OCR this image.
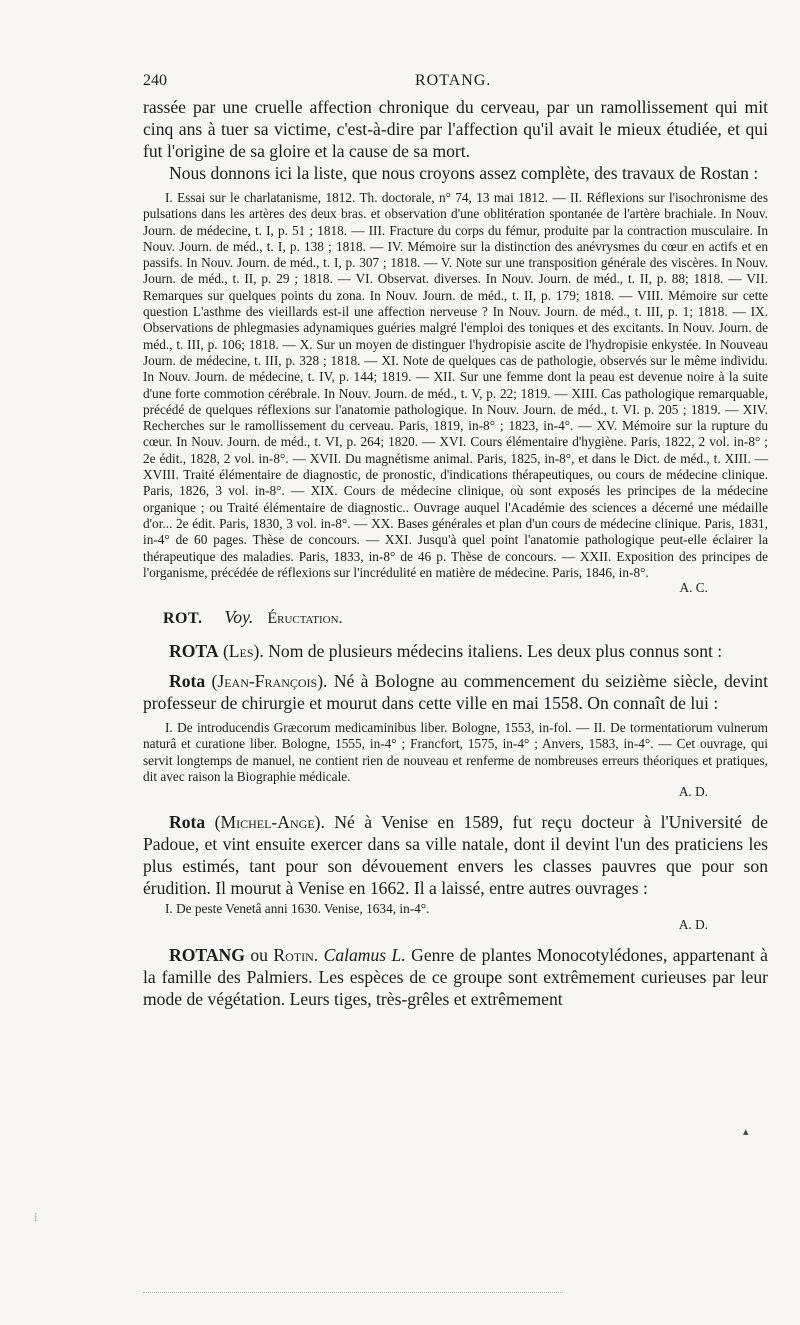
240	ROTANG.

rassée par une cruelle affection chronique du cerveau, par un ramollissement qui mit cinq ans à tuer sa victime, c'est-à-dire par l'affection qu'il avait le mieux étudiée, et qui fut l'origine de sa gloire et la cause de sa mort.

Nous donnons ici la liste, que nous croyons assez complète, des travaux de Rostan :

I. Essai sur le charlatanisme, 1812. Th. doctorale, n° 74, 13 mai 1812. — II. Réflexions sur l'isochronisme des pulsations dans les artères des deux bras. et observation d'une oblitération spontanée de l'artère brachiale. In Nouv. Journ. de médecine, t. I, p. 51 ; 1818. — III. Fracture du corps du fémur, produite par la contraction musculaire. In Nouv. Journ. de méd., t. I, p. 138 ; 1818. — IV. Mémoire sur la distinction des anévrysmes du cœur en actifs et en passifs. In Nouv. Journ. de méd., t. I, p. 307 ; 1818. — V. Note sur une transposition générale des viscères. In Nouv. Journ. de méd., t. II, p. 29 ; 1818. — VI. Observat. diverses. In Nouv. Journ. de méd., t. II, p. 88; 1818. — VII. Remarques sur quelques points du zona. In Nouv. Journ. de méd., t. II, p. 179; 1818. — VIII. Mémoire sur cette question L'asthme des vieillards est-il une affection nerveuse ? In Nouv. Journ. de méd., t. III, p. 1; 1818. — IX. Observations de phlegmasies adynamiques guéries malgré l'emploi des toniques et des excitants. In Nouv. Journ. de méd., t. III, p. 106; 1818. — X. Sur un moyen de distinguer l'hydropisie ascite de l'hydropisie enkystée. In Nouveau Journ. de médecine, t. III, p. 328 ; 1818. — XI. Note de quelques cas de pathologie, observés sur le même individu. In Nouv. Journ. de médecine, t. IV, p. 144; 1819. — XII. Sur une femme dont la peau est devenue noire à la suite d'une forte commotion cérébrale. In Nouv. Journ. de méd., t. V, p. 22; 1819. — XIII. Cas pathologique remarquable, précédé de quelques réflexions sur l'anatomie pathologique. In Nouv. Journ. de méd., t. VI. p. 205 ; 1819. — XIV. Recherches sur le ramollissement du cerveau. Paris, 1819, in-8° ; 1823, in-4°. — XV. Mémoire sur la rupture du cœur. In Nouv. Journ. de méd., t. VI, p. 264; 1820. — XVI. Cours élémentaire d'hygiène. Paris, 1822, 2 vol. in-8° ; 2e édit., 1828, 2 vol. in-8°. — XVII. Du magnétisme animal. Paris, 1825, in-8°, et dans le Dict. de méd., t. XIII. — XVIII. Traité élémentaire de diagnostic, de pronostic, d'indications thérapeutiques, ou cours de médecine clinique. Paris, 1826, 3 vol. in-8°. — XIX. Cours de médecine clinique, où sont exposés les principes de la médecine organique ; ou Traité élémentaire de diagnostic.. Ouvrage auquel l'Académie des sciences a décerné une médaille d'or... 2e édit. Paris, 1830, 3 vol. in-8°. — XX. Bases générales et plan d'un cours de médecine clinique. Paris, 1831, in-4° de 60 pages. Thèse de concours. — XXI. Jusqu'à quel point l'anatomie pathologique peut-elle éclairer la thérapeutique des maladies. Paris, 1833, in-8° de 46 p. Thèse de concours. — XXII. Exposition des principes de l'organisme, précédée de réflexions sur l'incrédulité en matière de médecine. Paris, 1846, in-8°.

A. C.

ROT. Voy. Éructation.

ROTA (Les). Nom de plusieurs médecins italiens. Les deux plus connus sont :

Rota (Jean-François). Né à Bologne au commencement du seizième siècle, devint professeur de chirurgie et mourut dans cette ville en mai 1558. On connaît de lui :

I. De introducendis Græcorum medicaminibus liber. Bologne, 1553, in-fol. — II. De tormentatiorum vulnerum naturâ et curatione liber. Bologne, 1555, in-4° ; Francfort, 1575, in-4° ; Anvers, 1583, in-4°. — Cet ouvrage, qui servit longtemps de manuel, ne contient rien de nouveau et renferme de nombreuses erreurs théoriques et pratiques, dit avec raison la Biographie médicale.

A. D.

Rota (Michel-Ange). Né à Venise en 1589, fut reçu docteur à l'Université de Padoue, et vint ensuite exercer dans sa ville natale, dont il devint l'un des praticiens les plus estimés, tant pour son dévouement envers les classes pauvres que pour son érudition. Il mourut à Venise en 1662. Il a laissé, entre autres ouvrages :

I. De peste Venetâ anni 1630. Venise, 1634, in-4°.

A. D.

ROTANG ou Rotin. Calamus L. Genre de plantes Monocotylédones, appartenant à la famille des Palmiers. Les espèces de ce groupe sont extrêmement curieuses par leur mode de végétation. Leurs tiges, très-grêles et extrêmement

▴
⁞
